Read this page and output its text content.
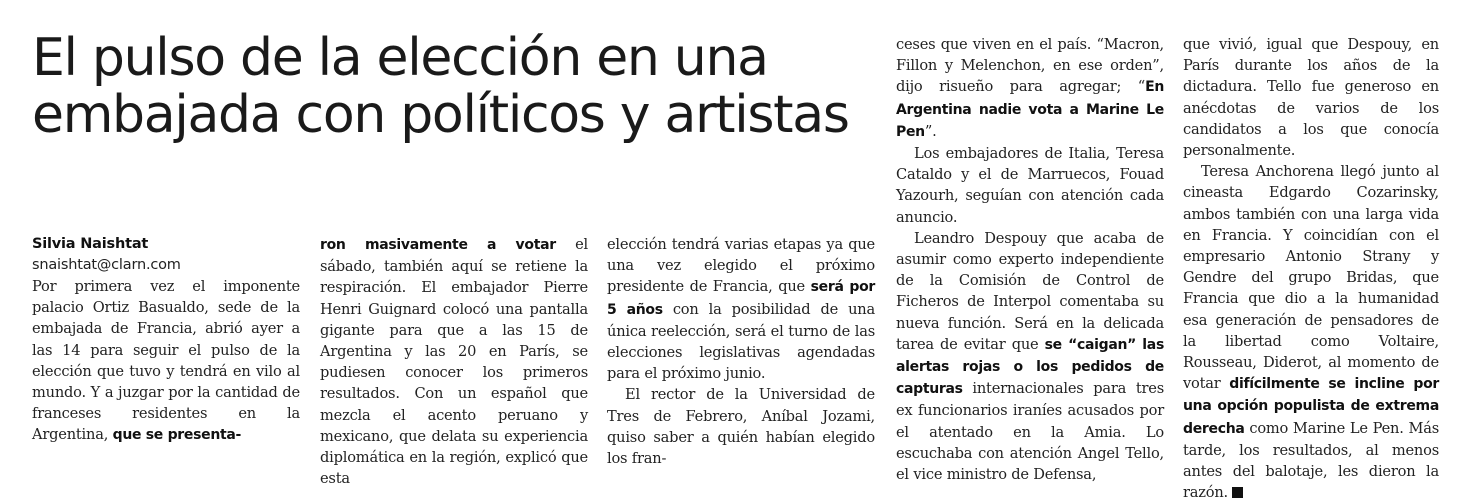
El pulso de la elección en una embajada con políticos y artistas

Silvia Naishtat

snaishtat@clarn.com

Por primera vez el imponente palacio Ortiz Basualdo, sede de la embajada de Francia, abrió ayer a las 14 para seguir el pulso de la elección que tuvo y tendrá en vilo al mundo. Y a juzgar por la cantidad de franceses residentes en la Argentina, que se presenta-

ron masivamente a votar el sábado, también aquí se retiene la respiración. El embajador Pierre Henri Guignard colocó una pantalla gigante para que a las 15 de Argentina y las 20 en París, se pudiesen conocer los primeros resultados. Con un español que mezcla el acento peruano y mexicano, que delata su experiencia diplomática en la región, explicó que esta

elección tendrá varias etapas ya que una vez elegido el próximo presidente de Francia, que será por 5 años con la posibilidad de una única reelección, será el turno de las elecciones legislativas agendadas para el próximo junio.

El rector de la Universidad de Tres de Febrero, Aníbal Jozami, quiso saber a quién habían elegido los fran-

ceses que viven en el país. “Macron, Fillon y Melenchon, en ese orden”, dijo risueño para agregar; “En Argentina nadie vota a Marine Le Pen”.

Los embajadores de Italia, Teresa Cataldo y el de Marruecos, Fouad Yazourh, seguían con atención cada anuncio.

Leandro Despouy que acaba de asumir como experto independiente de la Comisión de Control de Ficheros de Interpol comentaba su nueva función. Será en la delicada tarea de evitar que se “caigan” las alertas rojas o los pedidos de capturas internacionales para tres ex funcionarios iraníes acusados por el atentado en la Amia. Lo escuchaba con atención Angel Tello, el vice ministro de Defensa,

que vivió, igual que Despouy, en París durante los años de la dictadura. Tello fue generoso en anécdotas de varios de los candidatos a los que conocía personalmente.

Teresa Anchorena llegó junto al cineasta Edgardo Cozarinsky, ambos también con una larga vida en Francia. Y coincidían con el empresario Antonio Strany y Gendre del grupo Bridas, que Francia que dio a la humanidad esa generación de pensadores de la libertad como Voltaire, Rousseau, Diderot, al momento de votar difícilmente se incline por una opción populista de extrema derecha como Marine Le Pen. Más tarde, los resultados, al menos antes del balotaje, les dieron la razón.
